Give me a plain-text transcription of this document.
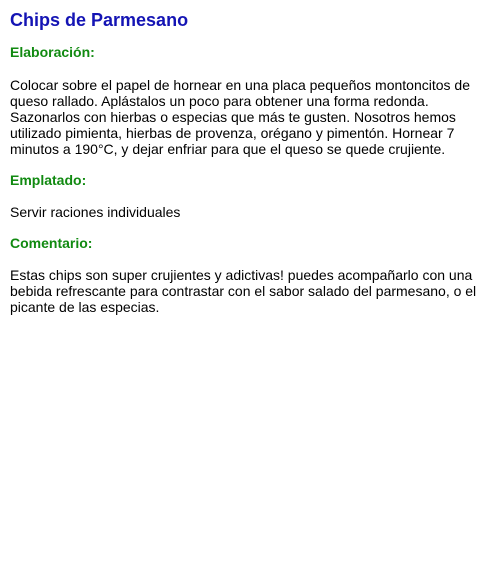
Chips de Parmesano
Elaboración:

Colocar sobre el papel de hornear en una placa pequeños montoncitos de queso rallado. Aplástalos un poco para obtener una forma redonda. Sazonarlos con hierbas o especias que más te gusten. Nosotros hemos utilizado pimienta, hierbas de provenza, orégano y pimentón. Hornear 7 minutos a 190°C, y dejar enfriar para que el queso se quede crujiente.

Emplatado:

Servir raciones individuales

Comentario:

Estas chips son super crujientes y adictivas! puedes acompañarlo con una bebida refrescante para contrastar con el sabor salado del parmesano, o el picante de las especias.
